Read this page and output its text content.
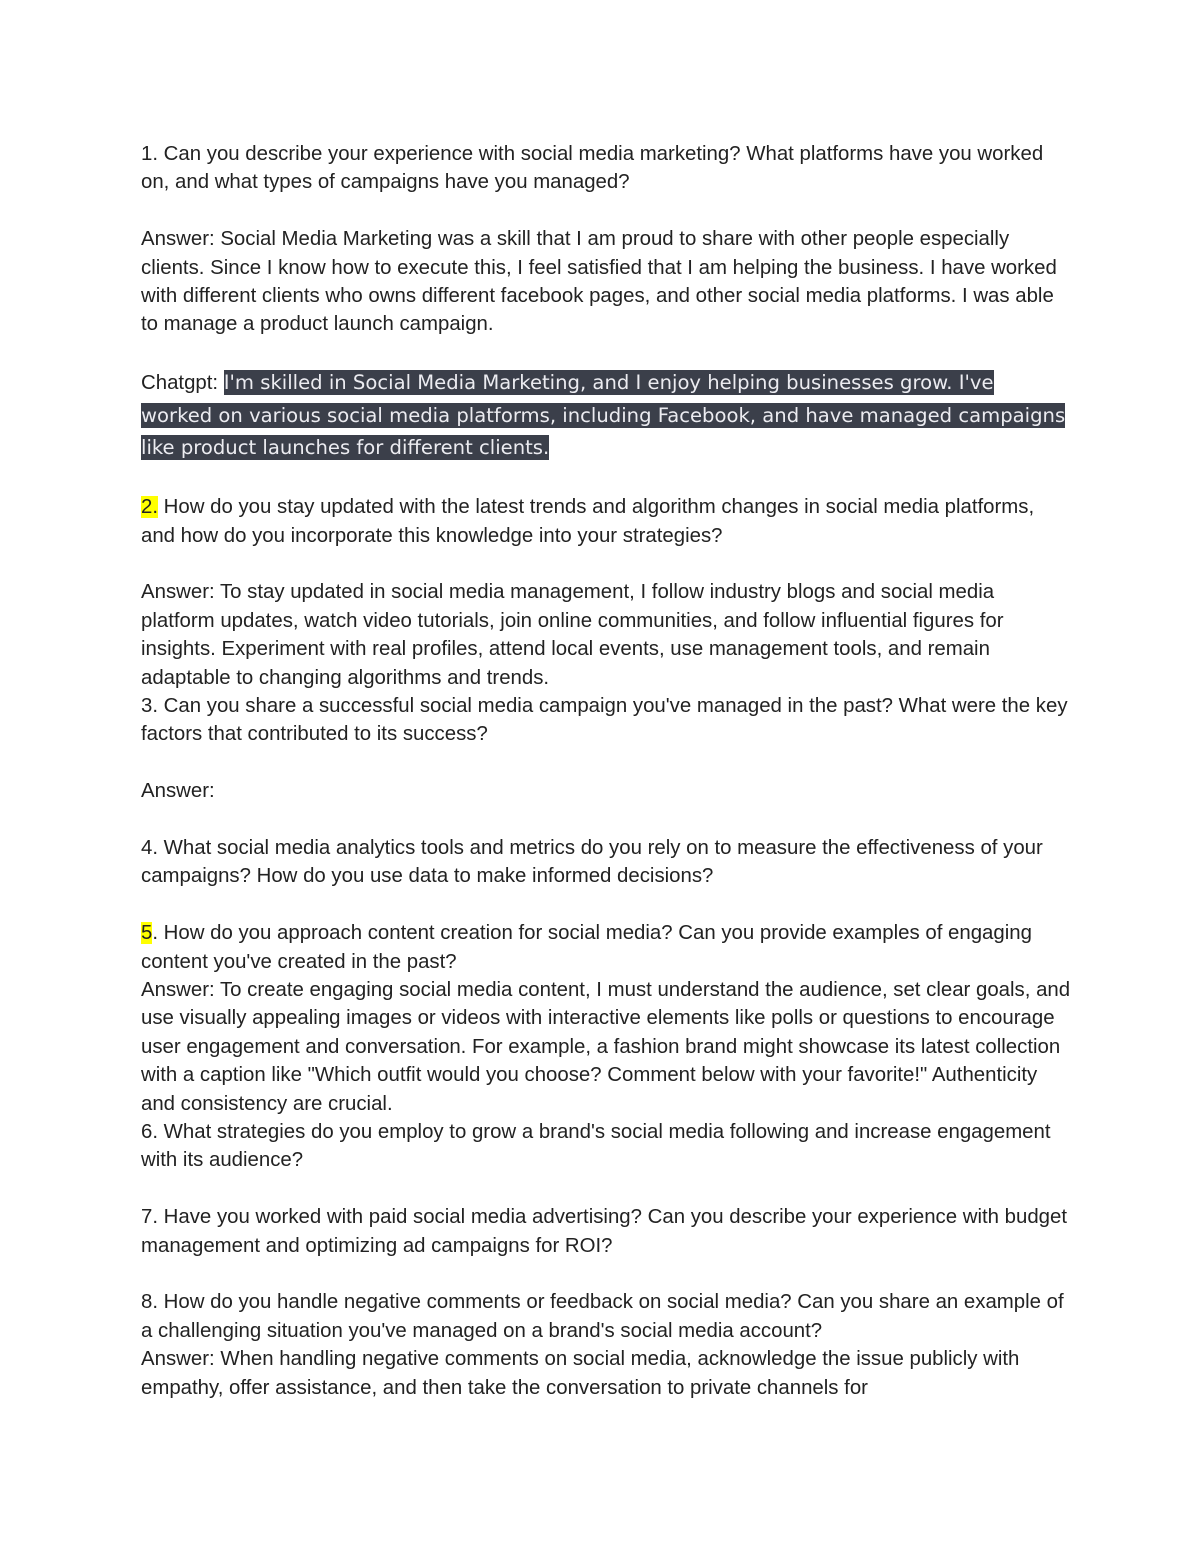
1. Can you describe your experience with social media marketing? What platforms have you worked on, and what types of campaigns have you managed?

Answer: Social Media Marketing was a skill that I am proud to share with other people especially clients. Since I know how to execute this, I feel satisfied that I am helping the business. I have worked with different clients who owns different facebook pages, and other social media platforms. I was able to manage a product launch campaign.

Chatgpt: I'm skilled in Social Media Marketing, and I enjoy helping businesses grow. I've worked on various social media platforms, including Facebook, and have managed campaigns like product launches for different clients.

2. How do you stay updated with the latest trends and algorithm changes in social media platforms, and how do you incorporate this knowledge into your strategies?

Answer: To stay updated in social media management, I follow industry blogs and social media platform updates, watch video tutorials, join online communities, and follow influential figures for insights. Experiment with real profiles, attend local events, use management tools, and remain adaptable to changing algorithms and trends.

3. Can you share a successful social media campaign you've managed in the past? What were the key factors that contributed to its success?

Answer:

4. What social media analytics tools and metrics do you rely on to measure the effectiveness of your campaigns? How do you use data to make informed decisions?

5. How do you approach content creation for social media? Can you provide examples of engaging content you've created in the past?

Answer: To create engaging social media content, I must understand the audience, set clear goals, and use visually appealing images or videos with interactive elements like polls or questions to encourage user engagement and conversation. For example, a fashion brand might showcase its latest collection with a caption like "Which outfit would you choose? Comment below with your favorite!" Authenticity and consistency are crucial.

6. What strategies do you employ to grow a brand's social media following and increase engagement with its audience?

7. Have you worked with paid social media advertising? Can you describe your experience with budget management and optimizing ad campaigns for ROI?

8. How do you handle negative comments or feedback on social media? Can you share an example of a challenging situation you've managed on a brand's social media account?

Answer: When handling negative comments on social media, acknowledge the issue publicly with empathy, offer assistance, and then take the conversation to private channels for
